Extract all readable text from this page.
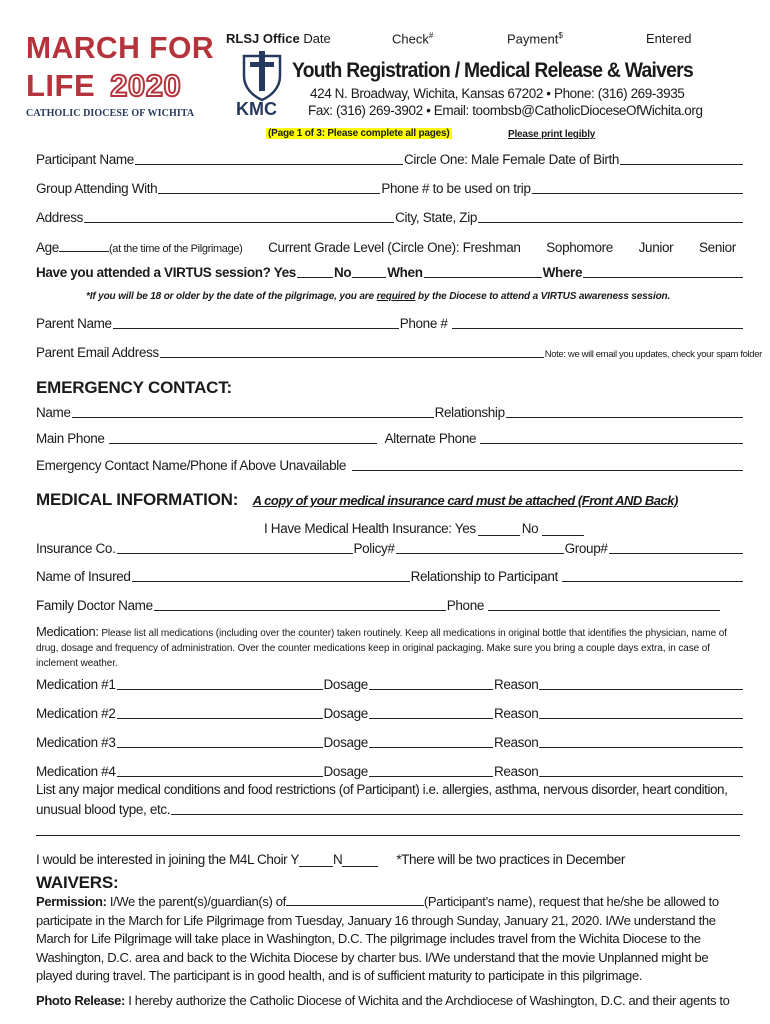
MARCH FOR
LIFE 2020
CATHOLIC DIOCESE OF WICHITA KMC
RLSJ Office Date	Check#	Payment$	Entered
Youth Registration / Medical Release & Waivers
424 N. Broadway, Wichita, Kansas 67202 • Phone: (316) 269-3935
Fax: (316) 269-3902 • Email: toombsb@CatholicDioceseOfWichita.org
(Page 1 of 3: Please complete all pages)	Please print legibly
Participant Name	Circle One: Male Female Date of Birth
Group Attending With	Phone # to be used on trip
Address	City, State, Zip
Age	(at the time of the Pilgrimage) Current Grade Level (Circle One): Freshman Sophomore Junior Senior
Have you attended a VIRTUS session? Yes	No	When	Where
*If you will be 18 or older by the date of the pilgrimage, you are required by the Diocese to attend a VIRTUS awareness session.
Parent Name	Phone #
Parent Email Address	Note: we will email you updates, check your spam folder
EMERGENCY CONTACT:
Name	Relationship
Main Phone	Alternate Phone
Emergency Contact Name/Phone if Above Unavailable
MEDICAL INFORMATION: A copy of your medical insurance card must be attached (Front AND Back)
I Have Medical Health Insurance: Yes	No
Insurance Co.	Policy#	Group#
Name of Insured	Relationship to Participant
Family Doctor Name	Phone
Medication: Please list all medications (including over the counter) taken routinely. Keep all medications in original bottle that identifies the physician, name of drug, dosage and frequency of administration. Over the counter medications keep in original packaging. Make sure you bring a couple days extra, in case of inclement weather.
Medication #1	Dosage	Reason
Medication #2	Dosage	Reason
Medication #3	Dosage	Reason
Medication #4	Dosage	Reason
List any major medical conditions and food restrictions (of Participant) i.e. allergies, asthma, nervous disorder, heart condition,
unusual blood type, etc.
I would be interested in joining the M4L Choir Y	N	*There will be two practices in December
WAIVERS:
Permission: I/We the parent(s)/guardian(s) of	(Participant’s name), request that he/she be allowed to participate in the March for Life Pilgrimage from Tuesday, January 16 through Sunday, January 21, 2020. I/We understand the March for Life Pilgrimage will take place in Washington, D.C. The pilgrimage includes travel from the Wichita Diocese to the Washington, D.C. area and back to the Wichita Diocese by charter bus. I/We understand that the movie Unplanned might be played during travel. The participant is in good health, and is of sufficient maturity to participate in this pilgrimage.
Photo Release: I hereby authorize the Catholic Diocese of Wichita and the Archdiocese of Washington, D.C. and their agents to
